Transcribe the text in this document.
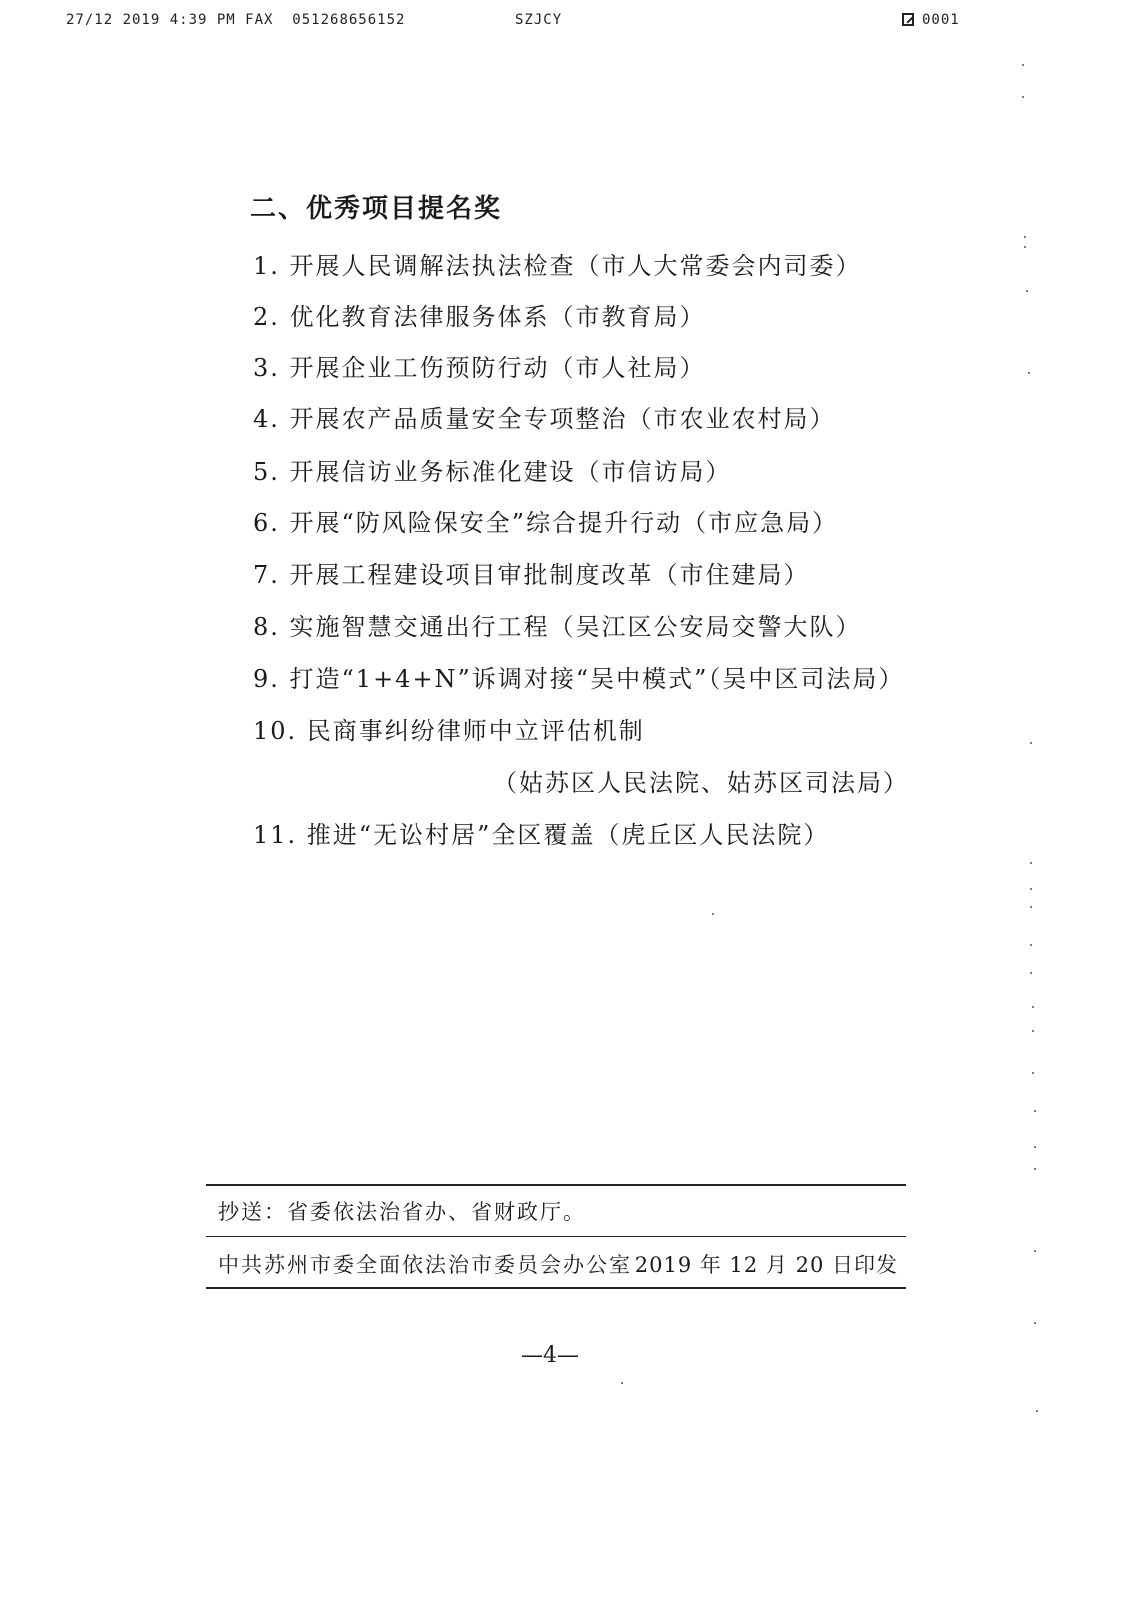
27/12 2019 4:39 PM FAX 051268656152	SZJCY	0001
二、优秀项目提名奖
1. 开展人民调解法执法检查（市人大常委会内司委）
2. 优化教育法律服务体系（市教育局）
3. 开展企业工伤预防行动（市人社局）
4. 开展农产品质量安全专项整治（市农业农村局）
5. 开展信访业务标准化建设（市信访局）
6. 开展“防风险保安全”综合提升行动（市应急局）
7. 开展工程建设项目审批制度改革（市住建局）
8. 实施智慧交通出行工程（吴江区公安局交警大队）
9. 打造“1+4+N”诉调对接“吴中模式”（吴中区司法局）
10. 民商事纠纷律师中立评估机制
（姑苏区人民法院、姑苏区司法局）
11. 推进“无讼村居”全区覆盖（虎丘区人民法院）
抄送：省委依法治省办、省财政厅。
中共苏州市委全面依法治市委员会办公室 2019 年 12 月 20 日印发
—4—
